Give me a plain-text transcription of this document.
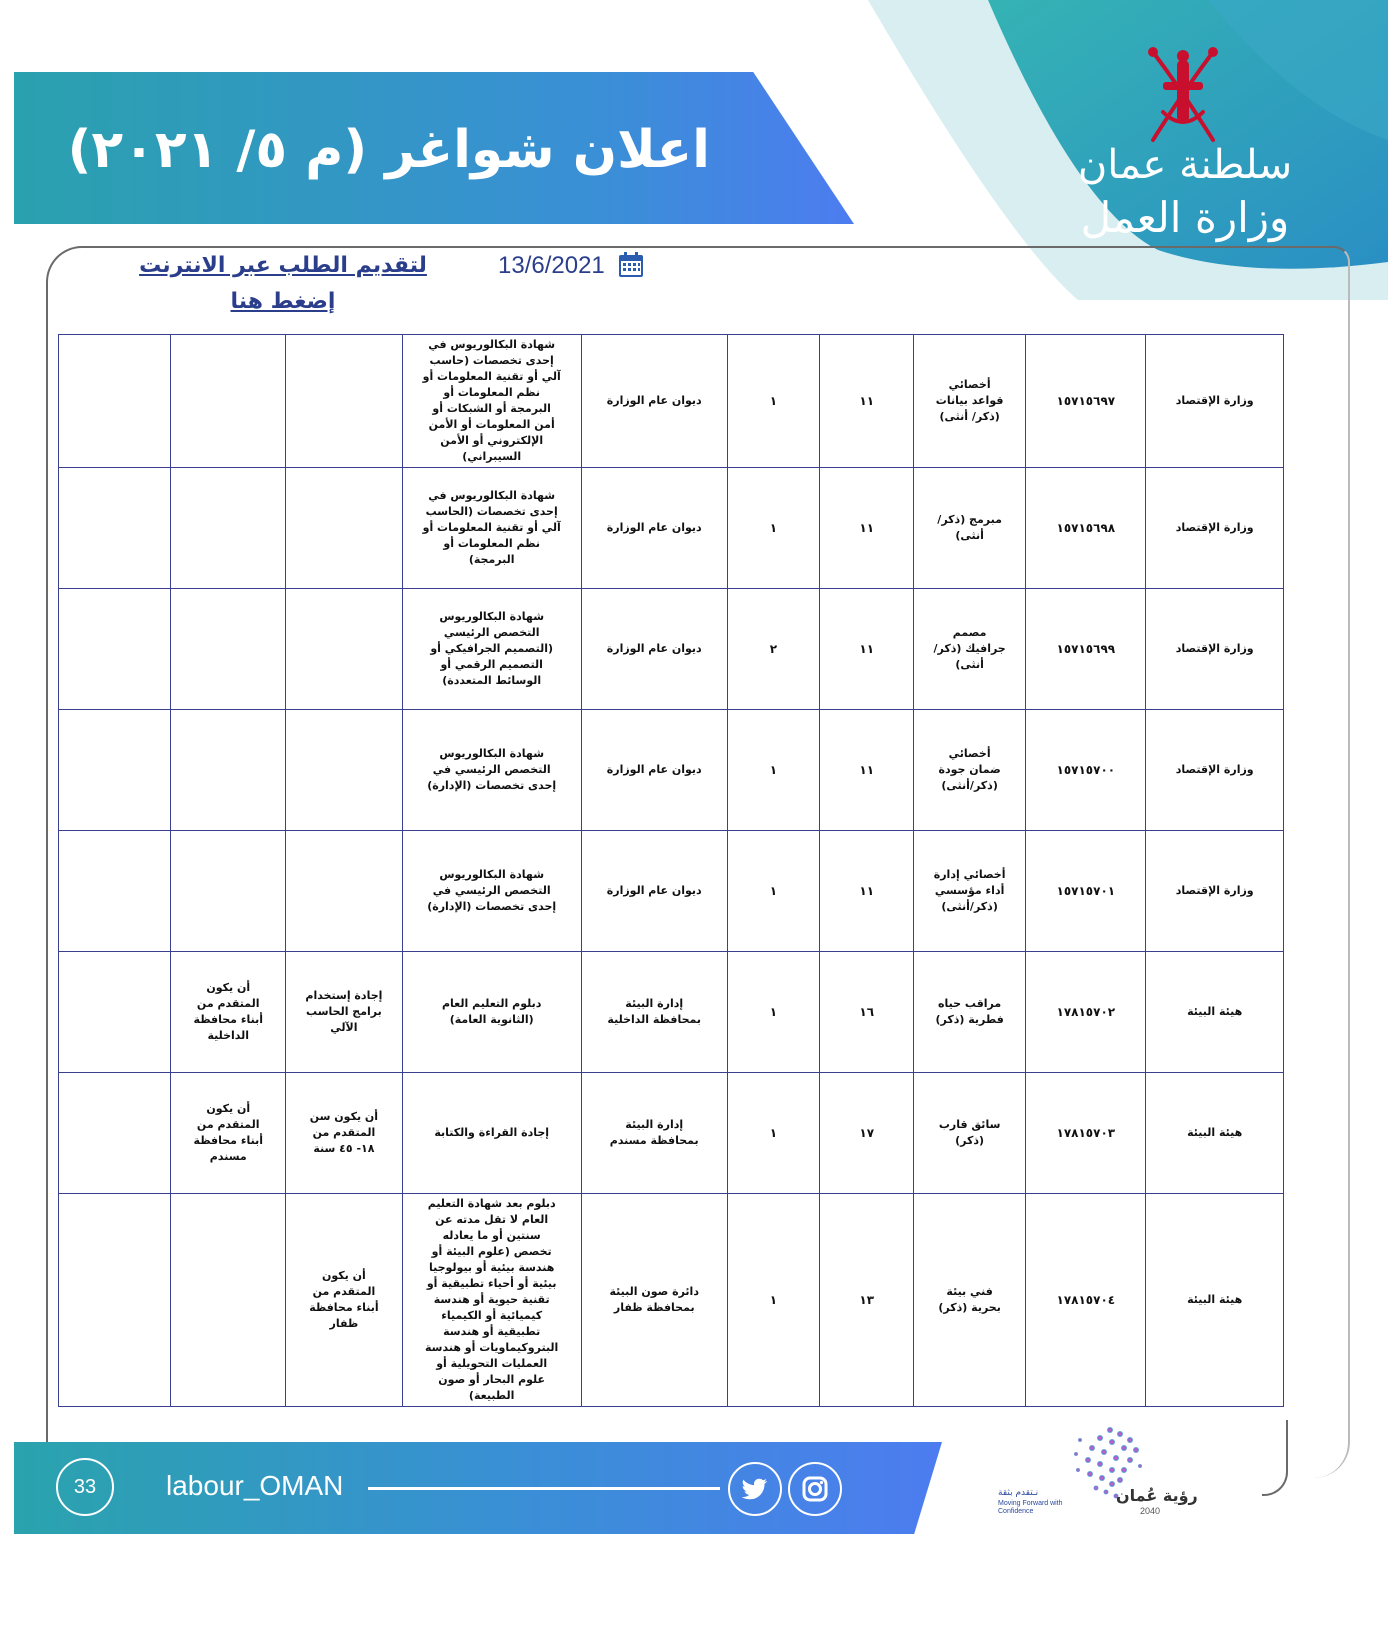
سلطنة عمان
وزارة العمل
اعلان شواغر (م ٥/ ٢٠٢١)
لتقديم الطلب عبر الانترنت إضغط هنا
13/6/2021
وزارة الإقتصاد	١٥٧١٥٦٩٧	أخصائي قواعد بيانات (ذكر/ أنثى)	١١	١	ديوان عام الوزارة	شهادة البكالوريوس في إحدى تخصصات (حاسب آلي أو تقنية المعلومات أو نظم المعلومات أو البرمجة أو الشبكات أو أمن المعلومات أو الأمن الإلكتروني أو الأمن السيبراني)			
وزارة الإقتصاد	١٥٧١٥٦٩٨	مبرمج (ذكر/ أنثى)	١١	١	ديوان عام الوزارة	شهادة البكالوريوس في إحدى تخصصات (الحاسب آلي أو تقنية المعلومات أو نظم المعلومات أو البرمجة)			
وزارة الإقتصاد	١٥٧١٥٦٩٩	مصمم جرافيك (ذكر/أنثى)	١١	٢	ديوان عام الوزارة	شهادة البكالوريوس التخصص الرئيسي (التصميم الجرافيكي أو التصميم الرقمي أو الوسائط المتعددة)			
وزارة الإقتصاد	١٥٧١٥٧٠٠	أخصائي ضمان جودة (ذكر/أنثى)	١١	١	ديوان عام الوزارة	شهادة البكالوريوس التخصص الرئيسي في إحدى تخصصات (الإدارة)			
وزارة الإقتصاد	١٥٧١٥٧٠١	أخصائي إدارة أداء مؤسسي (ذكر/أنثى)	١١	١	ديوان عام الوزارة	شهادة البكالوريوس التخصص الرئيسي في إحدى تخصصات (الإدارة)			
هيئة البيئة	١٧٨١٥٧٠٢	مراقب حياه فطرية (ذكر)	١٦	١	إدارة البيئة بمحافظة الداخلية	دبلوم التعليم العام (الثانوية العامة)	إجادة إستخدام برامج الحاسب الآلي	أن يكون المتقدم من أبناء محافظة الداخلية	
هيئة البيئة	١٧٨١٥٧٠٣	سائق قارب (ذكر)	١٧	١	إدارة البيئة بمحافظة مسندم	إجادة القراءة والكتابة	أن يكون سن المتقدم من ١٨- ٤٥ سنة	أن يكون المتقدم من أبناء محافظة مسندم	
هيئة البيئة	١٧٨١٥٧٠٤	فني بيئة بحرية (ذكر)	١٣	١	دائرة صون البيئة بمحافظة ظفار	دبلوم بعد شهادة التعليم العام لا تقل مدته عن سنتين أو ما يعادله تخصص (علوم البيئة أو هندسة بيئية أو بيولوجيا بيئية أو أحياء تطبيقية أو تقنية حيوية أو هندسة كيميائية أو الكيمياء تطبيقية أو هندسة البتروكيماويات أو هندسة العمليات التحويلية أو علوم البحار أو صون الطبيعة)	أن يكون المتقدم من أبناء محافظة ظفار		
33	labour_OMAN	رؤية عُمان
2040
نـتقدم بثقة
Moving Forward with Confidence
